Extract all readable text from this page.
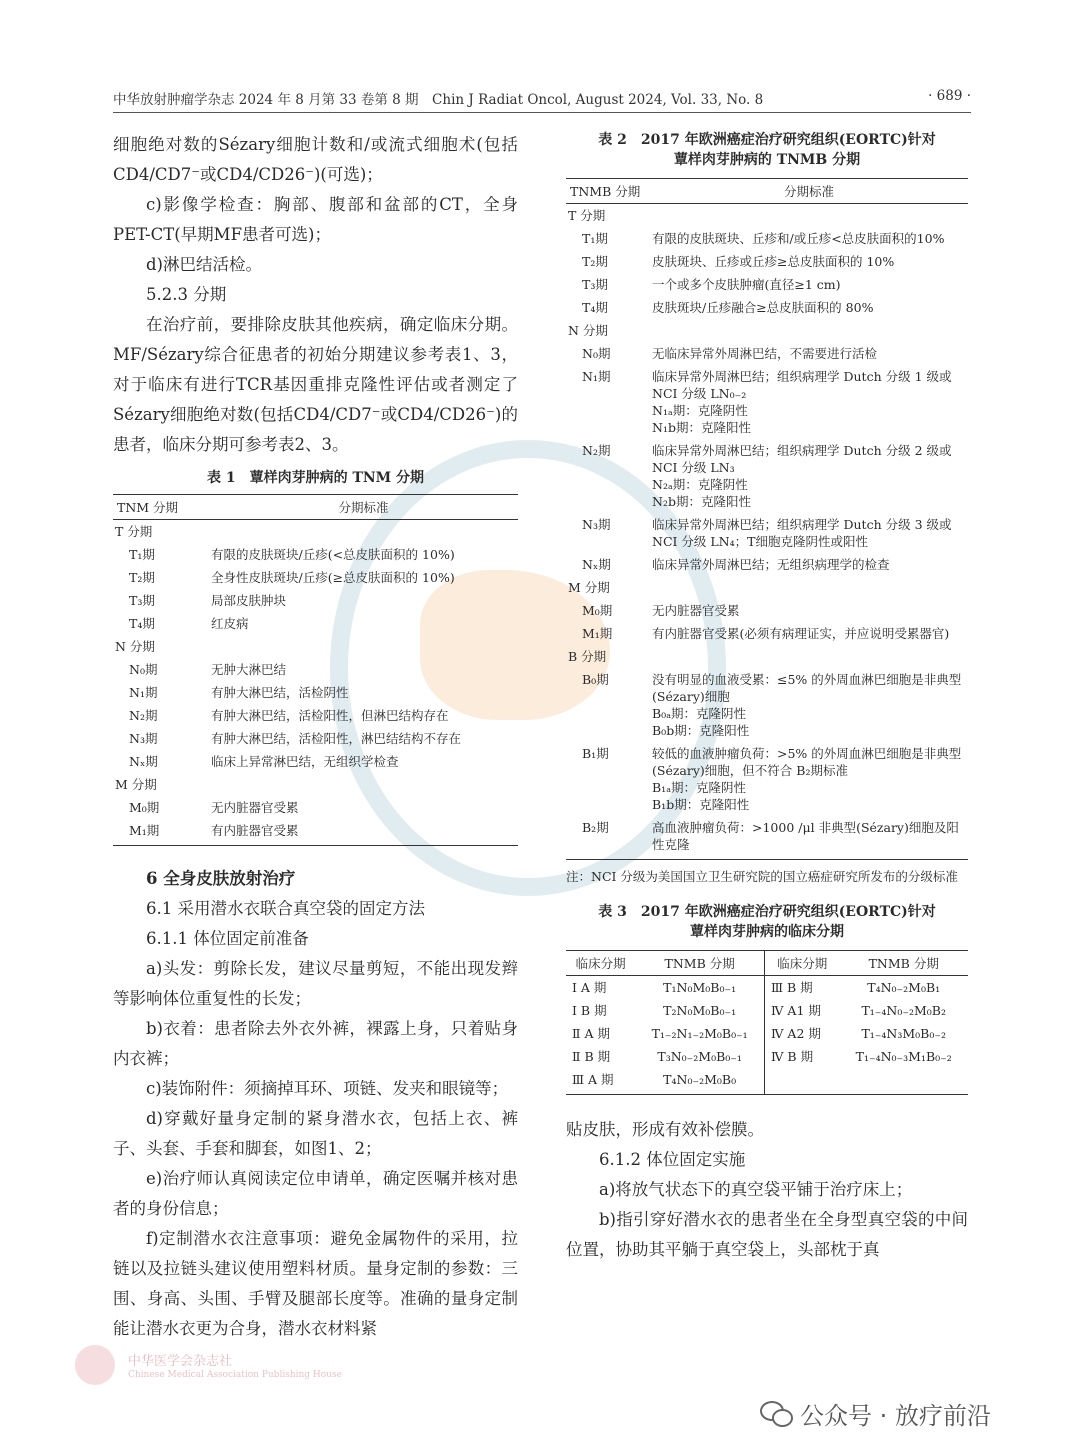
中华放射肿瘤学杂志 2024 年 8 月第 33 卷第 8 期　Chin J Radiat Oncol, August 2024, Vol. 33, No. 8	· 689 ·

细胞绝对数的Sézary细胞计数和/或流式细胞术(包括CD4/CD7⁻或CD4/CD26⁻)(可选)；

c)影像学检查：胸部、腹部和盆部的CT，全身PET-CT(早期MF患者可选)；

d)淋巴结活检。

5.2.3 分期

在治疗前，要排除皮肤其他疾病，确定临床分期。MF/Sézary综合征患者的初始分期建议参考表1、3，对于临床有进行TCR基因重排克隆性评估或者测定了Sézary细胞绝对数(包括CD4/CD7⁻或CD4/CD26⁻)的患者，临床分期可参考表2、3。

表 1　蕈样肉芽肿病的 TNM 分期

TNM 分期	分期标准
T 分期	

T₁期	有限的皮肤斑块/丘疹(<总皮肤面积的 10%)

T₂期	全身性皮肤斑块/丘疹(≥总皮肤面积的 10%)

T₃期	局部皮肤肿块

T₄期	红皮病

N 分期	

N₀期	无肿大淋巴结

N₁期	有肿大淋巴结，活检阴性

N₂期	有肿大淋巴结，活检阳性，但淋巴结构存在

N₃期	有肿大淋巴结，活检阳性，淋巴结结构不存在

Nₓ期	临床上异常淋巴结，无组织学检查

M 分期	

M₀期	无内脏器官受累

M₁期	有内脏器官受累

6 全身皮肤放射治疗

6.1 采用潜水衣联合真空袋的固定方法

6.1.1 体位固定前准备

a)头发：剪除长发，建议尽量剪短，不能出现发辫等影响体位重复性的长发；

b)衣着：患者除去外衣外裤，裸露上身，只着贴身内衣裤；

c)装饰附件：须摘掉耳环、项链、发夹和眼镜等；

d)穿戴好量身定制的紧身潜水衣，包括上衣、裤子、头套、手套和脚套，如图1、2；

e)治疗师认真阅读定位申请单，确定医嘱并核对患者的身份信息；

f)定制潜水衣注意事项：避免金属物件的采用，拉链以及拉链头建议使用塑料材质。量身定制的参数：三围、身高、头围、手臂及腿部长度等。准确的量身定制能让潜水衣更为合身，潜水衣材料紧

表 2　2017 年欧洲癌症治疗研究组织(EORTC)针对

蕈样肉芽肿病的 TNMB 分期

TNMB 分期	分期标准
T 分期	

T₁期	有限的皮肤斑块、丘疹和/或丘疹<总皮肤面积的10%

T₂期	皮肤斑块、丘疹或丘疹≥总皮肤面积的 10%

T₃期	一个或多个皮肤肿瘤(直径≥1 cm)

T₄期	皮肤斑块/丘疹融合≥总皮肤面积的 80%

N 分期	

N₀期	无临床异常外周淋巴结，不需要进行活检

N₁期	临床异常外周淋巴结；组织病理学 Dutch 分级 1 级或 NCI 分级 LN₀₋₂
N₁ₐ期：克隆阴性
N₁b期：克隆阳性

N₂期	临床异常外周淋巴结；组织病理学 Dutch 分级 2 级或 NCI 分级 LN₃
N₂ₐ期：克隆阴性
N₂b期：克隆阳性

N₃期	临床异常外周淋巴结；组织病理学 Dutch 分级 3 级或 NCI 分级 LN₄；T细胞克隆阴性或阳性

Nₓ期	临床异常外周淋巴结；无组织病理学的检查

M 分期	

M₀期	无内脏器官受累

M₁期	有内脏器官受累(必须有病理证实，并应说明受累器官)

B 分期	

B₀期	没有明显的血液受累：≤5% 的外周血淋巴细胞是非典型(Sézary)细胞
B₀ₐ期：克隆阴性
B₀b期：克隆阳性

B₁期	较低的血液肿瘤负荷：>5% 的外周血淋巴细胞是非典型(Sézary)细胞，但不符合 B₂期标准
B₁ₐ期：克隆阴性
B₁b期：克隆阳性

B₂期	高血液肿瘤负荷：>1000 /μl 非典型(Sézary)细胞及阳性克隆

注：NCI 分级为美国国立卫生研究院的国立癌症研究所发布的分级标准

表 3　2017 年欧洲癌症治疗研究组织(EORTC)针对

蕈样肉芽肿病的临床分期

临床分期	TNMB 分期	临床分期	TNMB 分期
Ⅰ A 期	T₁N₀M₀B₀₋₁	Ⅲ B 期	T₄N₀₋₂M₀B₁
Ⅰ B 期	T₂N₀M₀B₀₋₁	Ⅳ A1 期	T₁₋₄N₀₋₂M₀B₂
Ⅱ A 期	T₁₋₂N₁₋₂M₀B₀₋₁	Ⅳ A2 期	T₁₋₄N₃M₀B₀₋₂
Ⅱ B 期	T₃N₀₋₂M₀B₀₋₁	Ⅳ B 期	T₁₋₄N₀₋₃M₁B₀₋₂
Ⅲ A 期	T₄N₀₋₂M₀B₀		

贴皮肤，形成有效补偿膜。

6.1.2 体位固定实施

a)将放气状态下的真空袋平铺于治疗床上；

b)指引穿好潜水衣的患者坐在全身型真空袋的中间位置，协助其平躺于真空袋上，头部枕于真

中华医学会杂志社
Chinese Medical Association Publishing House
公众号 · 放疗前沿
